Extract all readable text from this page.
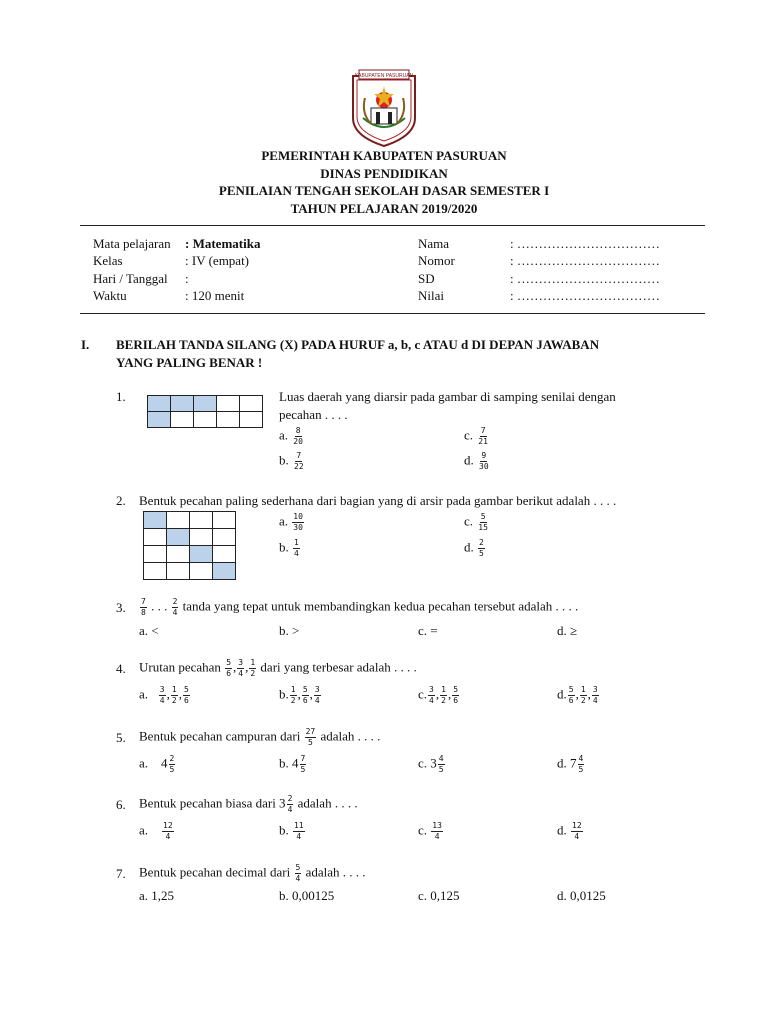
KABUPATEN PASURUAN
PEMERINTAH KABUPATEN PASURUAN
DINAS PENDIDIKAN
PENILAIAN TENGAH SEKOLAH DASAR SEMESTER I
TAHUN PELAJARAN 2019/2020
Mata pelajaran : Matematika
Kelas	: IV (empat)
Hari / Tanggal :
Waktu	: 120 menit
Nama	: ……………………………
Nomor	: ……………………………
SD	: ……………………………
Nilai	: ……………………………
I. BERILAH TANDA SILANG (X) PADA HURUF a, b, c ATAU d DI DEPAN JAWABAN
YANG PALING BENAR !
1.

					Luas daerah yang diarsir pada gambar di samping senilai dengan
pecahan . . . .
a. $\frac{8}{20}$	c. $\frac{7}{21}$
b. $\frac{7}{22}$	d. $\frac{9}{30}$
2. Bentuk pecahan paling sederhana dari bagian yang di arsir pada gambar berikut adalah . . . .

a. $\frac{10}{30}$	c. $\frac{5}{15}$
b. $\frac{1}{4}$	d. $\frac{2}{5}$
3. $\frac{7}{8}$ . . . $\frac{2}{4}$ tanda yang tepat untuk membandingkan kedua pecahan tersebut adalah . . . .
a. <	b. >	c. =	d. ≥
4. Urutan pecahan $\frac{5}{6}$ , $\frac{3}{4}$ , $\frac{1}{2}$ dari yang terbesar adalah . . . .
a. $\frac{3}{4}$ , $\frac{1}{2}$ , $\frac{5}{6}$	b. $\frac{1}{2}$ , $\frac{5}{6}$ , $\frac{3}{4}$	c. $\frac{3}{4}$ , $\frac{1}{2}$ , $\frac{5}{6}$	d. $\frac{5}{6}$ , $\frac{1}{2}$ , $\frac{3}{4}$
5. Bentuk pecahan campuran dari $\frac{27}{5}$ adalah . . . .
a. $4 \frac{2}{5}$	b. $4 \frac{7}{5}$	c. $3 \frac{4}{5}$	d. $7 \frac{4}{5}$
6. Bentuk pecahan biasa dari $3 \frac{2}{4}$ adalah . . . .
a. $\frac{12}{4}$	b. $\frac{11}{4}$	c. $\frac{13}{4}$	d. $\frac{12}{4}$
7. Bentuk pecahan decimal dari $\frac{5}{4}$ adalah . . . .
a. 1,25	b. 0,00125	c. 0,125	d. 0,0125
